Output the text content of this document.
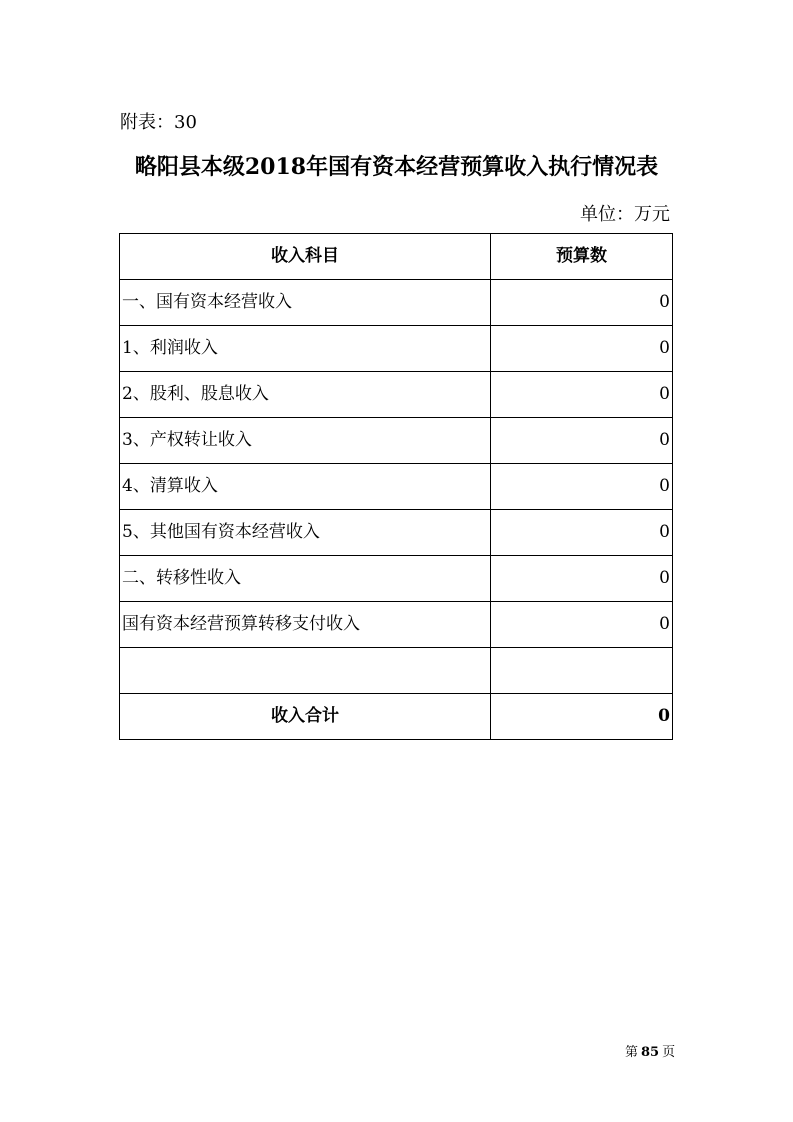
附表：30
略阳县本级2018年国有资本经营预算收入执行情况表
单位：万元
收入科目	预算数
一、国有资本经营收入	0
1、利润收入	0
2、股利、股息收入	0
3、产权转让收入	0
4、清算收入	0
5、其他国有资本经营收入	0
二、转移性收入	0
国有资本经营预算转移支付收入	0

收入合计	0
第 85 页
